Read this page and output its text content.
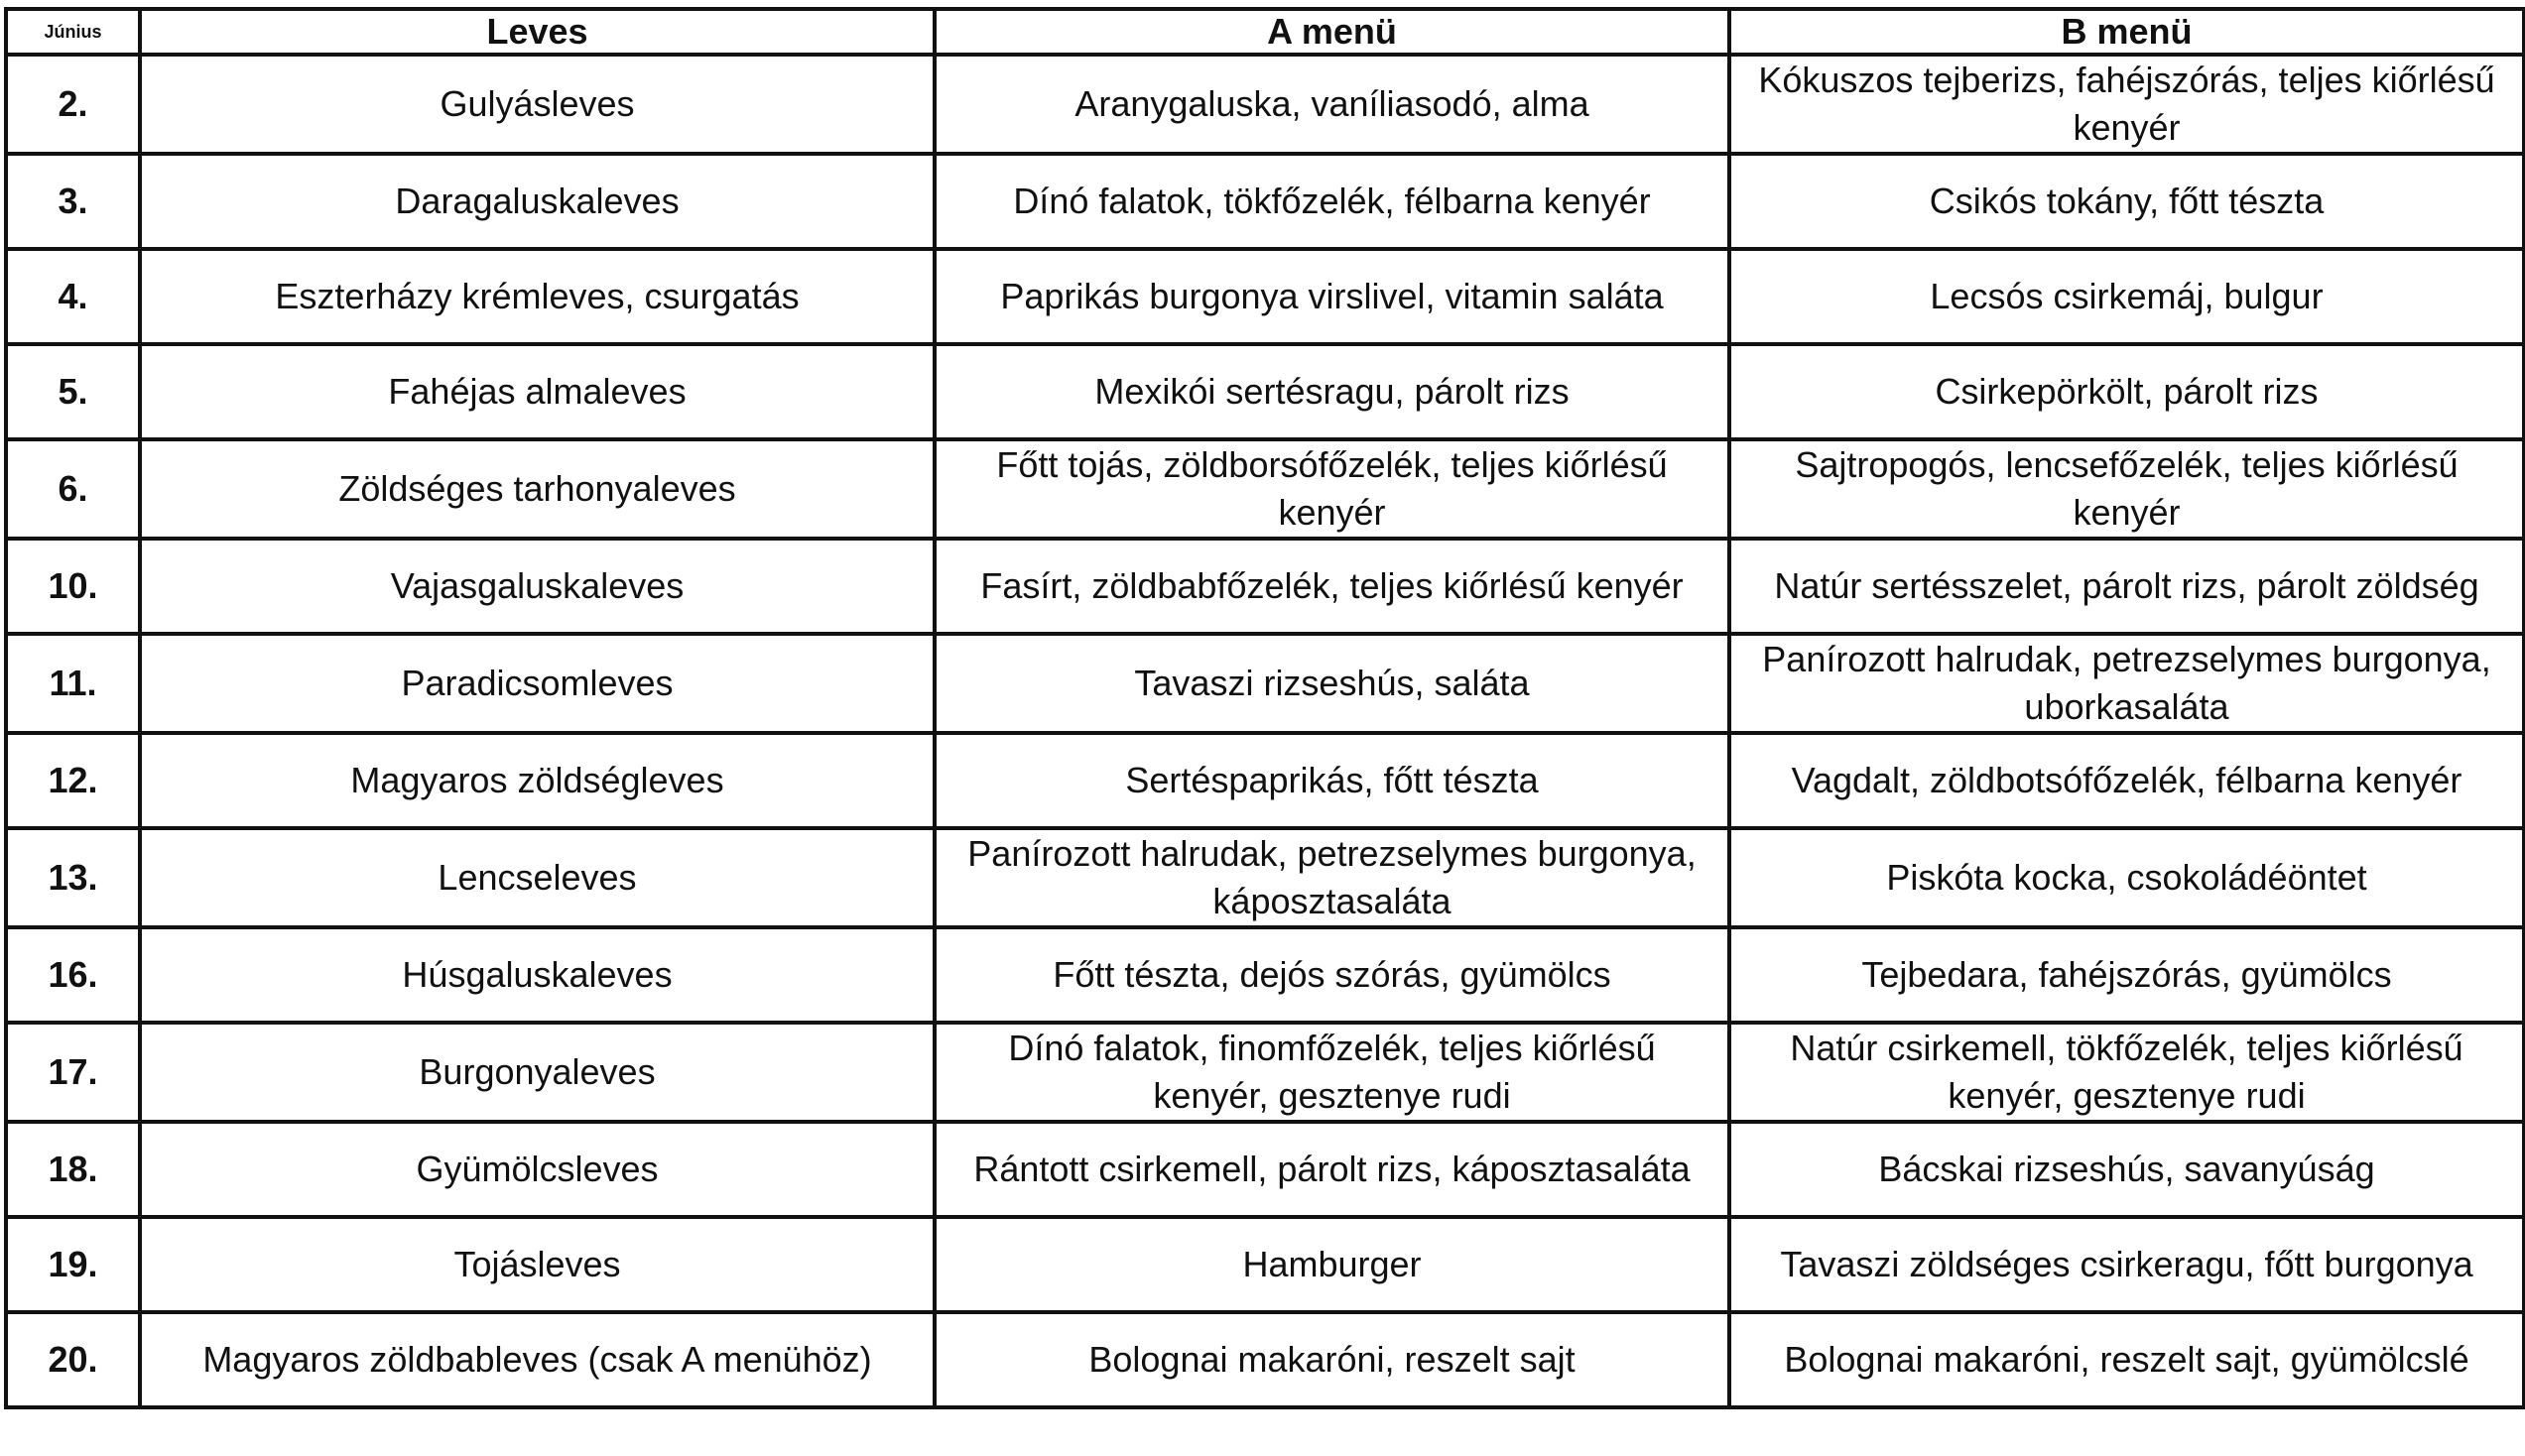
Június	Leves	A menü	B menü
2.	Gulyásleves	Aranygaluska, vaníliasodó, alma	Kókuszos tejberizs, fahéjszórás, teljes kiőrlésű kenyér
3.	Daragaluskaleves	Dínó falatok, tökfőzelék, félbarna kenyér	Csikós tokány, főtt tészta
4.	Eszterházy krémleves, csurgatás	Paprikás burgonya virslivel, vitamin saláta	Lecsós csirkemáj, bulgur
5.	Fahéjas almaleves	Mexikói sertésragu, párolt rizs	Csirkepörkölt, párolt rizs
6.	Zöldséges tarhonyaleves	Főtt tojás, zöldborsófőzelék, teljes kiőrlésű kenyér	Sajtropogós, lencsefőzelék, teljes kiőrlésű kenyér
10.	Vajasgaluskaleves	Fasírt, zöldbabfőzelék, teljes kiőrlésű kenyér	Natúr sertésszelet, párolt rizs, párolt zöldség
11.	Paradicsomleves	Tavaszi rizseshús, saláta	Panírozott halrudak, petrezselymes burgonya, uborkasaláta
12.	Magyaros zöldségleves	Sertéspaprikás, főtt tészta	Vagdalt, zöldbotsófőzelék, félbarna kenyér
13.	Lencseleves	Panírozott halrudak, petrezselymes burgonya, káposztasaláta	Piskóta kocka, csokoládéöntet
16.	Húsgaluskaleves	Főtt tészta, dejós szórás, gyümölcs	Tejbedara, fahéjszórás, gyümölcs
17.	Burgonyaleves	Dínó falatok, finomfőzelék, teljes kiőrlésű kenyér, gesztenye rudi	Natúr csirkemell, tökfőzelék, teljes kiőrlésű kenyér, gesztenye rudi
18.	Gyümölcsleves	Rántott csirkemell, párolt rizs, káposztasaláta	Bácskai rizseshús, savanyúság
19.	Tojásleves	Hamburger	Tavaszi zöldséges csirkeragu, főtt burgonya
20.	Magyaros zöldbableves (csak A menühöz)	Bolognai makaróni, reszelt sajt	Bolognai makaróni, reszelt sajt, gyümölcslé
